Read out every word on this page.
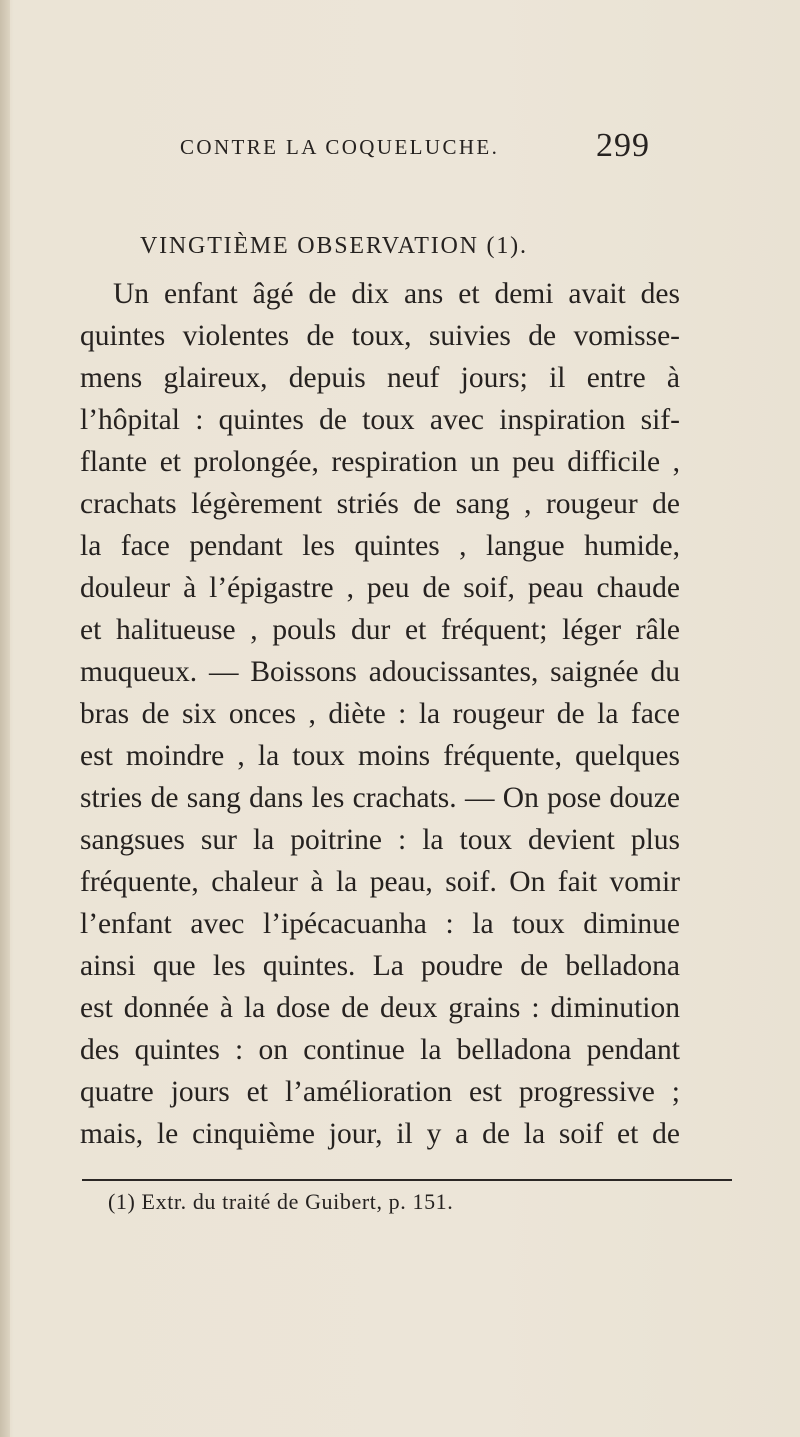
CONTRE LA COQUELUCHE.	299
VINGTIÈME OBSERVATION (1).
Un enfant âgé de dix ans et demi avait des
quintes violentes de toux, suivies de vomisse-
mens glaireux, depuis neuf jours; il entre à
l’hôpital : quintes de toux avec inspiration sif-
flante et prolongée, respiration un peu difficile ,
crachats légèrement striés de sang , rougeur de
la face pendant les quintes , langue humide,
douleur à l’épigastre , peu de soif, peau chaude
et halitueuse , pouls dur et fréquent; léger râle
muqueux. — Boissons adoucissantes, saignée du
bras de six onces , diète : la rougeur de la face
est moindre , la toux moins fréquente, quelques
stries de sang dans les crachats. — On pose douze
sangsues sur la poitrine : la toux devient plus
fréquente, chaleur à la peau, soif. On fait vomir
l’enfant avec l’ipécacuanha : la toux diminue
ainsi que les quintes. La poudre de belladona
est donnée à la dose de deux grains : diminution
des quintes : on continue la belladona pendant
quatre jours et l’amélioration est progressive ;
mais, le cinquième jour, il y a de la soif et de
(1) Extr. du traité de Guibert, p. 151.
